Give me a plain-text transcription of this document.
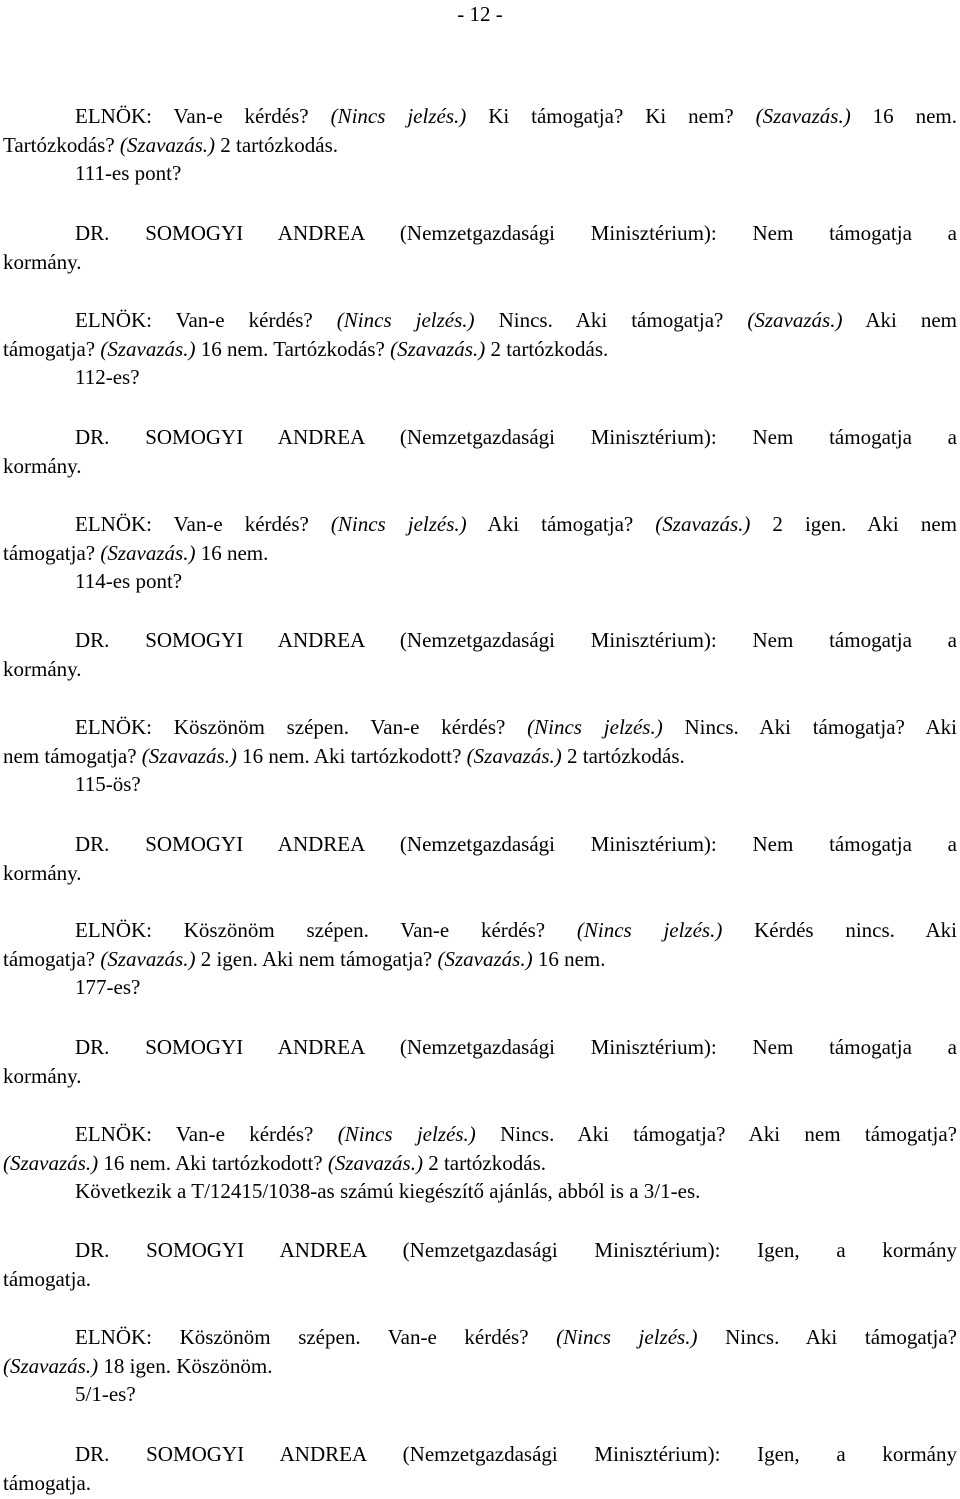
- 12 -
ELNÖK: Van-e kérdés? (Nincs jelzés.) Ki támogatja? Ki nem? (Szavazás.) 16 nem.
Tartózkodás? (Szavazás.) 2 tartózkodás.
111-es pont?
DR. SOMOGYI ANDREA (Nemzetgazdasági Minisztérium): Nem támogatja a
kormány.
ELNÖK: Van-e kérdés? (Nincs jelzés.) Nincs. Aki támogatja? (Szavazás.) Aki nem
támogatja? (Szavazás.) 16 nem. Tartózkodás? (Szavazás.) 2 tartózkodás.
112-es?
DR. SOMOGYI ANDREA (Nemzetgazdasági Minisztérium): Nem támogatja a
kormány.
ELNÖK: Van-e kérdés? (Nincs jelzés.) Aki támogatja? (Szavazás.) 2 igen. Aki nem
támogatja? (Szavazás.) 16 nem.
114-es pont?
DR. SOMOGYI ANDREA (Nemzetgazdasági Minisztérium): Nem támogatja a
kormány.
ELNÖK: Köszönöm szépen. Van-e kérdés? (Nincs jelzés.) Nincs. Aki támogatja? Aki
nem támogatja? (Szavazás.) 16 nem. Aki tartózkodott? (Szavazás.) 2 tartózkodás.
115-ös?
DR. SOMOGYI ANDREA (Nemzetgazdasági Minisztérium): Nem támogatja a
kormány.
ELNÖK: Köszönöm szépen. Van-e kérdés? (Nincs jelzés.) Kérdés nincs. Aki
támogatja? (Szavazás.) 2 igen. Aki nem támogatja? (Szavazás.) 16 nem.
177-es?
DR. SOMOGYI ANDREA (Nemzetgazdasági Minisztérium): Nem támogatja a
kormány.
ELNÖK: Van-e kérdés? (Nincs jelzés.) Nincs. Aki támogatja? Aki nem támogatja?
(Szavazás.) 16 nem. Aki tartózkodott? (Szavazás.) 2 tartózkodás.
Következik a T/12415/1038-as számú kiegészítő ajánlás, abból is a 3/1-es.
DR. SOMOGYI ANDREA (Nemzetgazdasági Minisztérium): Igen, a kormány
támogatja.
ELNÖK: Köszönöm szépen. Van-e kérdés? (Nincs jelzés.) Nincs. Aki támogatja?
(Szavazás.) 18 igen. Köszönöm.
5/1-es?
DR. SOMOGYI ANDREA (Nemzetgazdasági Minisztérium): Igen, a kormány
támogatja.
